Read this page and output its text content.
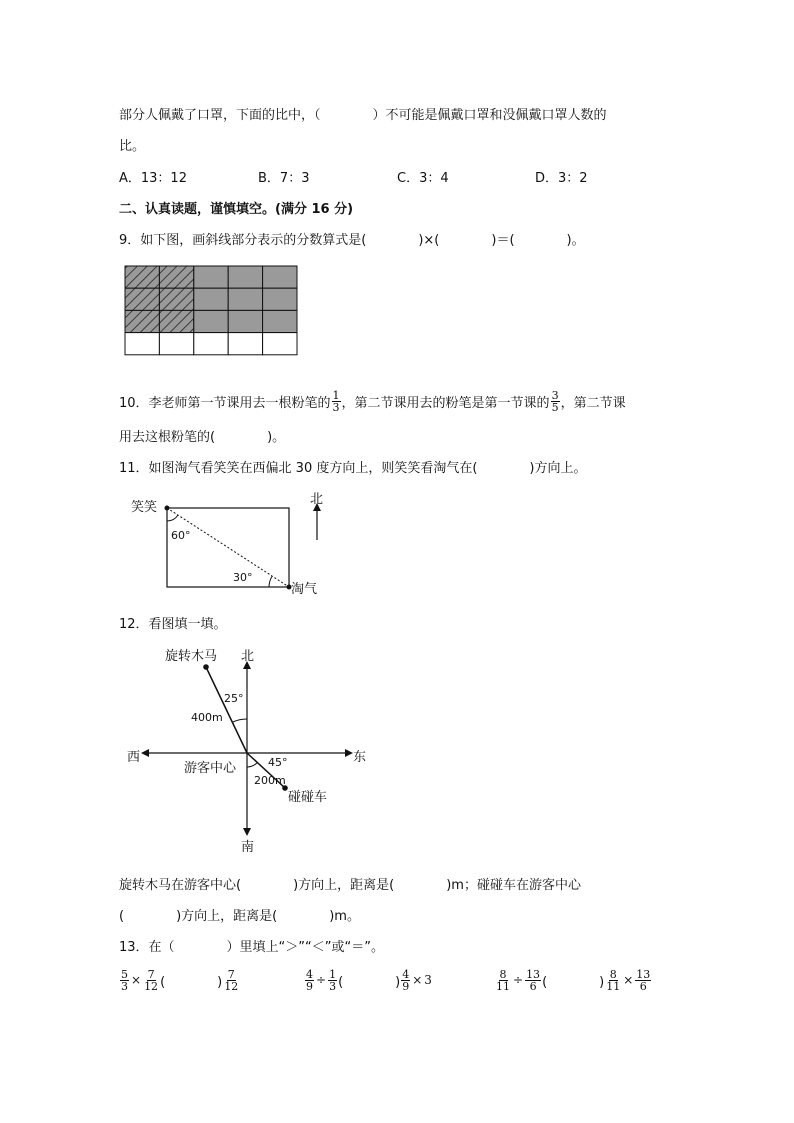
部分人佩戴了口罩，下面的比中，（　　　　）不可能是佩戴口罩和没佩戴口罩人数的
比。
A．13：12	B．7：3	C．3：4	D．3：2
二、认真读题，谨慎填空。(满分 16 分)
9．如下图，画斜线部分表示的分数算式是(　　　　)×(　　　　)＝(　　　　)。
10．李老师第一节课用去一根粉笔的 $\frac{1}{3}$ ，第二节课用去的粉笔是第一节课的 $\frac{3}{5}$ ，第二节课
用去这根粉笔的(　　　　)。
11．如图淘气看笑笑在西偏北 30 度方向上，则笑笑看淘气在(　　　　)方向上。
北
笑笑
淘气
60°
30°
12．看图填一填。
北
南
西	东
旋转木马
游客中心
碰碰车
25°
45°
400m
200m
旋转木马在游客中心(　　　　)方向上，距离是(　　　　)m；碰碰车在游客中心
(　　　　)方向上，距离是(　　　　)m。
13．在（　　　　）里填上“＞”“＜”或“＝”。
$\frac{5}{3} \times \frac{7}{12}$ (　　　　) $\frac{7}{12}$	$\frac{4}{9} \div \frac{1}{3}$ (　　　　) $\frac{4}{9} \times 3$	$\frac{8}{11} \div \frac{13}{6}$ (　　　　) $\frac{8}{11} \times \frac{13}{6}$
